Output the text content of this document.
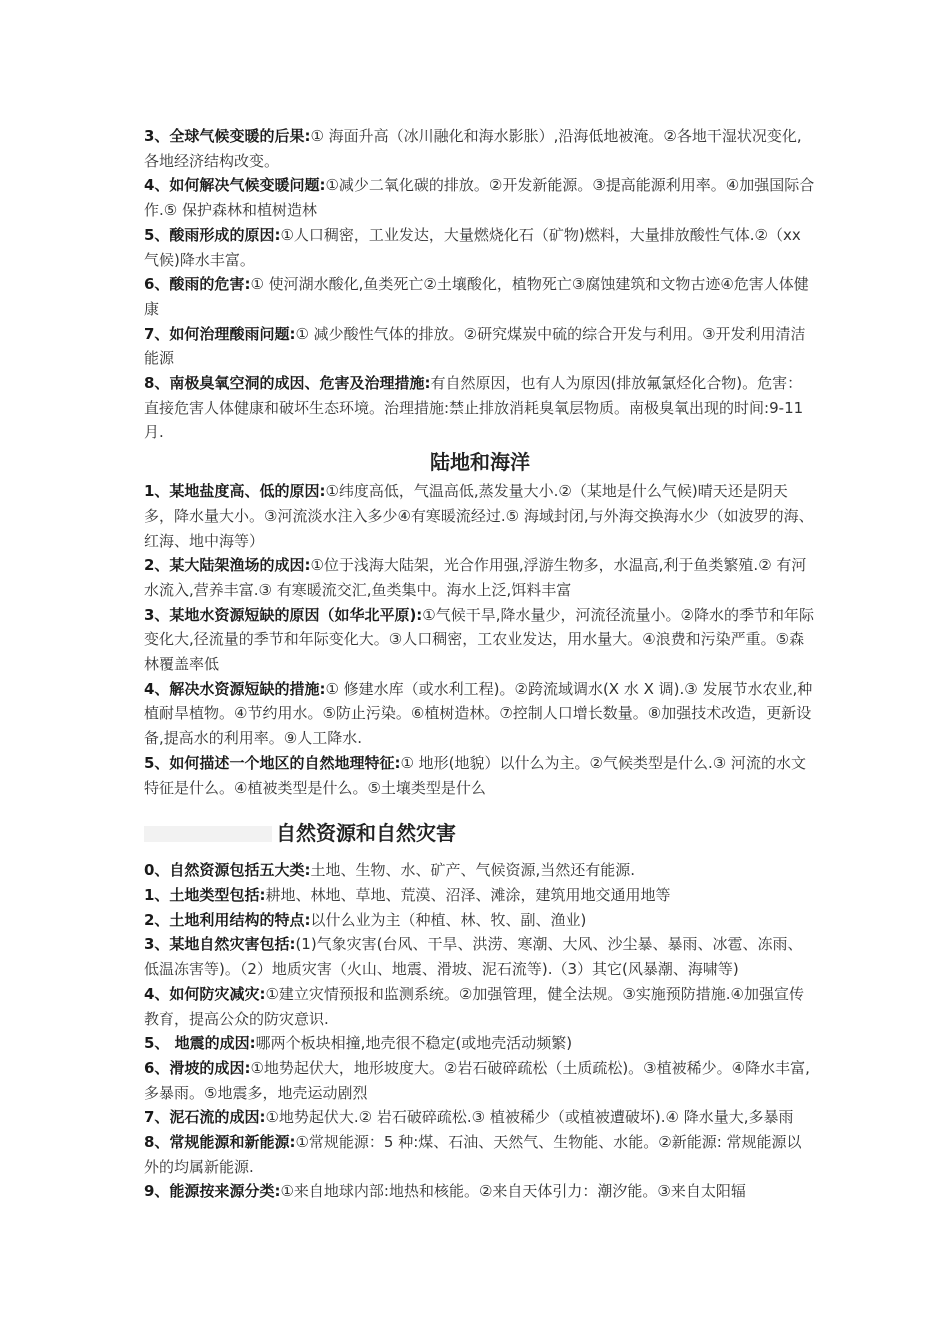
3、全球气候变暖的后果:① 海面升高（冰川融化和海水影胀）,沿海低地被淹。②各地干湿状况变化,各地经济结构改变。

4、如何解决气候变暖问题:①减少二氧化碳的排放。②开发新能源。③提高能源利用率。④加强国际合作.⑤ 保护森林和植树造林

5、酸雨形成的原因:①人口稠密，工业发达，大量燃烧化石（矿物)燃料，大量排放酸性气体.②（xx 气候)降水丰富。

6、酸雨的危害:① 使河湖水酸化,鱼类死亡②土壤酸化，植物死亡③腐蚀建筑和文物古迹④危害人体健康

7、如何治理酸雨问题:① 减少酸性气体的排放。②研究煤炭中硫的综合开发与利用。③开发利用清洁能源

8、南极臭氧空洞的成因、危害及治理措施:有自然原因，也有人为原因(排放氟氯烃化合物)。危害：直接危害人体健康和破坏生态环境。治理措施:禁止排放消耗臭氧层物质。南极臭氧出现的时间:9-11 月.

陆地和海洋

1、某地盐度高、低的原因:①纬度高低，气温高低,蒸发量大小.②（某地是什么气候)晴天还是阴天多，降水量大小。③河流淡水注入多少④有寒暖流经过.⑤ 海域封闭,与外海交换海水少（如波罗的海、红海、地中海等）

2、某大陆架渔场的成因:①位于浅海大陆架，光合作用强,浮游生物多，水温高,利于鱼类繁殖.② 有河水流入,营养丰富.③ 有寒暖流交汇,鱼类集中。海水上泛,饵料丰富

3、某地水资源短缺的原因（如华北平原):①气候干旱,降水量少，河流径流量小。②降水的季节和年际变化大,径流量的季节和年际变化大。③人口稠密，工农业发达，用水量大。④浪费和污染严重。⑤森林覆盖率低

4、解决水资源短缺的措施:① 修建水库（或水利工程)。②跨流域调水(X 水 X 调).③ 发展节水农业,种植耐旱植物。④节约用水。⑤防止污染。⑥植树造林。⑦控制人口增长数量。⑧加强技术改造，更新设备,提高水的利用率。⑨人工降水.

5、如何描述一个地区的自然地理特征:① 地形(地貌）以什么为主。②气候类型是什么.③ 河流的水文特征是什么。④植被类型是什么。⑤土壤类型是什么

自然资源和自然灾害

0、自然资源包括五大类:土地、生物、水、矿产、气候资源,当然还有能源.

1、土地类型包括:耕地、林地、草地、荒漠、沼泽、滩涂，建筑用地交通用地等

2、土地利用结构的特点:以什么业为主（种植、林、牧、副、渔业)

3、某地自然灾害包括:(1)气象灾害(台风、干旱、洪涝、寒潮、大风、沙尘暴、暴雨、冰雹、冻雨、低温冻害等)。（2）地质灾害（火山、地震、滑坡、泥石流等).（3）其它(风暴潮、海啸等)

4、如何防灾减灾:①建立灾情预报和监测系统。②加强管理，健全法规。③实施预防措施.④加强宣传教育，提高公众的防灾意识.

5、 地震的成因:哪两个板块相撞,地壳很不稳定(或地壳活动频繁)

6、滑坡的成因:①地势起伏大，地形坡度大。②岩石破碎疏松（土质疏松)。③植被稀少。④降水丰富,多暴雨。⑤地震多，地壳运动剧烈

7、泥石流的成因:①地势起伏大.② 岩石破碎疏松.③ 植被稀少（或植被遭破坏).④ 降水量大,多暴雨

8、常规能源和新能源:①常规能源：5 种:煤、石油、天然气、生物能、水能。②新能源: 常规能源以外的均属新能源.

9、能源按来源分类:①来自地球内部:地热和核能。②来自天体引力：潮汐能。③来自太阳辐
